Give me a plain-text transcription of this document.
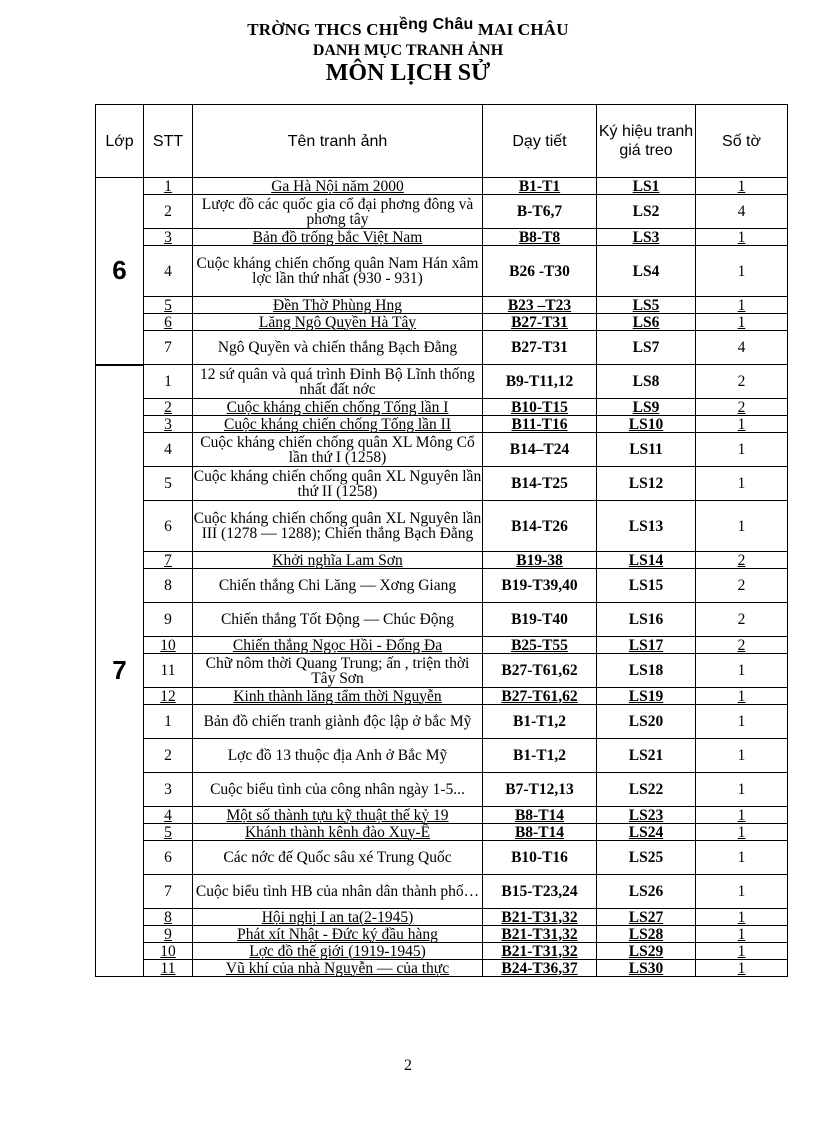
TRỜNG THCS CHIềng Châu MAI CHÂU
DANH MỤC TRANH ẢNH
MÔN LỊCH SỬ
Lớp	STT	Tên tranh ảnh	Dạy tiết	Ký hiệu tranh giá treo	Số tờ
6	1	Ga Hà Nội năm 2000	B1-T1	LS1	1
	2	Lược đồ các quốc gia cổ đại phơng đông và phơng tây	B-T6,7	LS2	4
	3	Bản đồ trống bắc Việt Nam	B8-T8	LS3	1
	4	Cuộc kháng chiến chống quân Nam Hán xâm lợc lần thứ nhất (930 - 931)	B26 -T30	LS4	1
	5	Đền Thờ Phùng Hng	B23 –T23	LS5	1
	6	Lăng Ngô Quyền Hà Tây	B27-T31	LS6	1
	7	Ngô Quyền và chiến thắng Bạch Đằng	B27-T31	LS7	4
7	1	12 sứ quân và quá trình Đinh Bộ Lĩnh thống nhất đất nớc	B9-T11,12	LS8	2
	2	Cuộc kháng chiến chống Tống lần I	B10-T15	LS9	2
	3	Cuộc kháng chiến chống Tống lần II	B11-T16	LS10	1
	4	Cuộc kháng chiến chống quân XL Mông Cổ lần thứ I (1258)	B14–T24	LS11	1
	5	Cuộc kháng chiến chống quân XL Nguyên lần thứ II (1258)	B14-T25	LS12	1
	6	Cuộc kháng chiến chống quân XL Nguyên lần III (1278 — 1288); Chiến thắng Bạch Đằng	B14-T26	LS13	1
	7	Khởi nghĩa Lam Sơn	B19-38	LS14	2
	8	Chiến thắng Chi Lăng — Xơng Giang	B19-T39,40	LS15	2
	9	Chiến thắng Tốt Động — Chúc Động	B19-T40	LS16	2
	10	Chiến thắng Ngọc Hồi - Đống Đa	B25-T55	LS17	2
	11	Chữ nôm thời Quang Trung; ấn , triện thời Tây Sơn	B27-T61,62	LS18	1
	12	Kinh thành lăng tẩm thời Nguyễn	B27-T61,62	LS19	1
	1	Bản đồ chiến tranh giành độc lập ở bắc Mỹ	B1-T1,2	LS20	1
	2	Lợc đồ 13 thuộc địa Anh ở Bắc Mỹ	B1-T1,2	LS21	1
	3	Cuộc biểu tình của công nhân ngày 1-5...	B7-T12,13	LS22	1
	4	Một số thành tựu kỹ thuật thế kỷ 19	B8-T14	LS23	1
	5	Khánh thành kênh đào Xuy-Ê	B8-T14	LS24	1
	6	Các nớc đế Quốc sâu xé Trung Quốc	B10-T16	LS25	1
	7	Cuộc biểu tình HB của nhân dân thành phố…	B15-T23,24	LS26	1
	8	Hội nghị I an ta(2-1945)	B21-T31,32	LS27	1
	9	Phát xít Nhật - Đức ký đầu hàng	B21-T31,32	LS28	1
	10	Lợc đồ thế giới (1919-1945)	B21-T31,32	LS29	1
	11	Vũ khí của nhà Nguyễn — của thực	B24-T36,37	LS30	1
2
